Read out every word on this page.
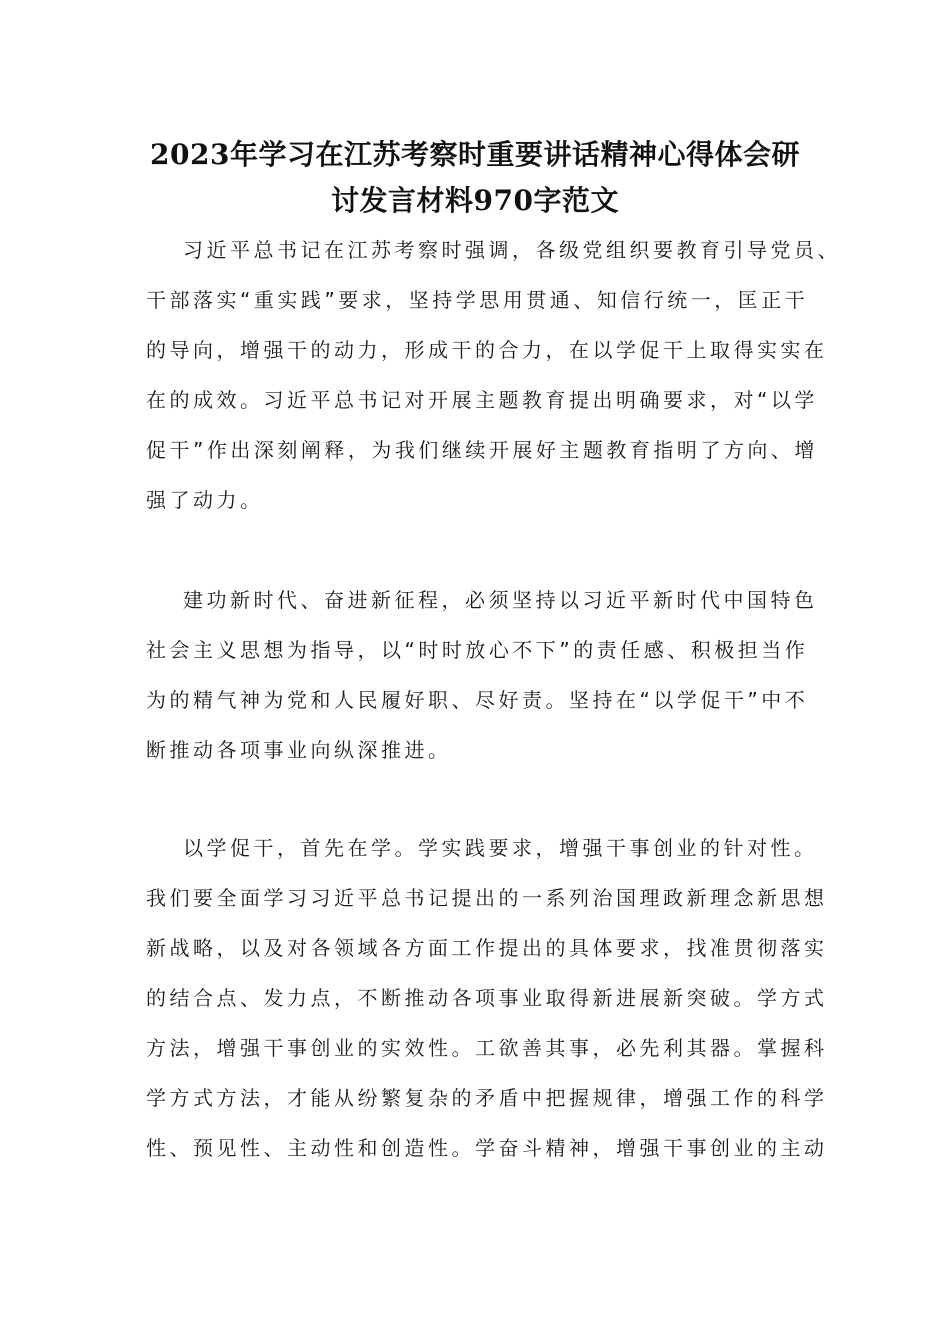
2023年学习在江苏考察时重要讲话精神心得体会研
讨发言材料970字范文
习近平总书记在江苏考察时强调，各级党组织要教育引导党员、
干部落实“重实践”要求，坚持学思用贯通、知信行统一，匡正干
的导向，增强干的动力，形成干的合力，在以学促干上取得实实在
在的成效。习近平总书记对开展主题教育提出明确要求，对“以学
促干”作出深刻阐释，为我们继续开展好主题教育指明了方向、增
强了动力。
建功新时代、奋进新征程，必须坚持以习近平新时代中国特色
社会主义思想为指导，以“时时放心不下”的责任感、积极担当作
为的精气神为党和人民履好职、尽好责。坚持在“以学促干”中不
断推动各项事业向纵深推进。
以学促干，首先在学。学实践要求，增强干事创业的针对性。
我们要全面学习习近平总书记提出的一系列治国理政新理念新思想
新战略，以及对各领域各方面工作提出的具体要求，找准贯彻落实
的结合点、发力点，不断推动各项事业取得新进展新突破。学方式
方法，增强干事创业的实效性。工欲善其事，必先利其器。掌握科
学方式方法，才能从纷繁复杂的矛盾中把握规律，增强工作的科学
性、预见性、主动性和创造性。学奋斗精神，增强干事创业的主动
